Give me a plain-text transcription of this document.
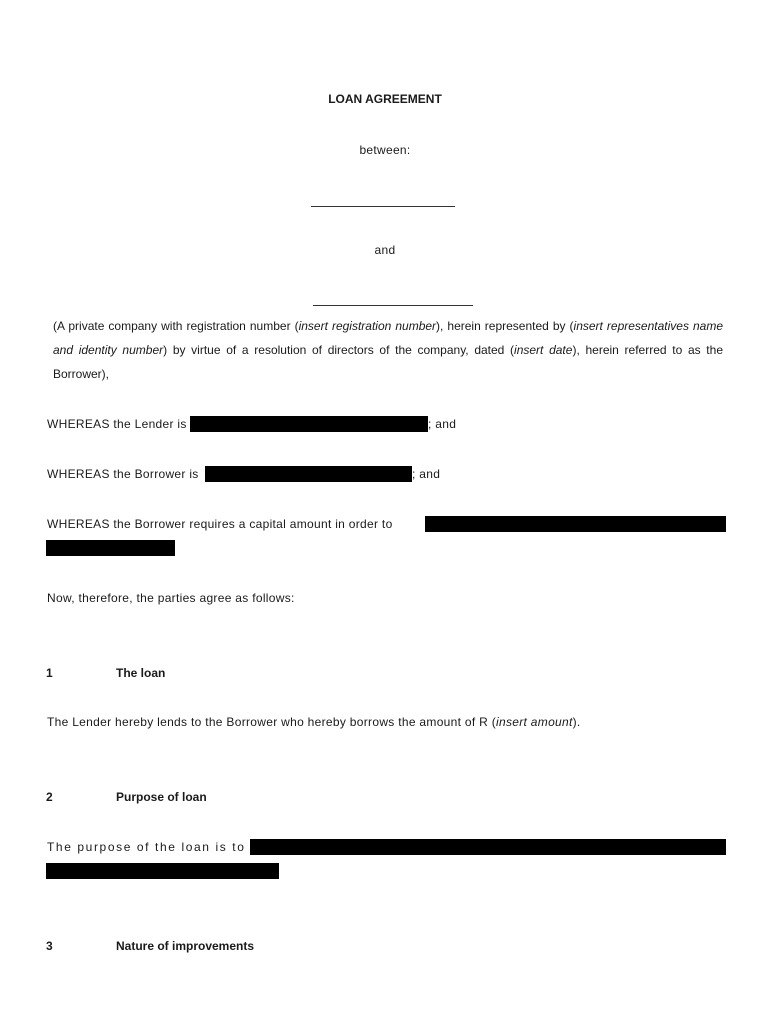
LOAN AGREEMENT
between:
and
(A private company with registration number (insert registration number), herein represented by (insert representatives name and identity number) by virtue of a resolution of directors of the company, dated (insert date), herein referred to as the Borrower),
WHEREAS the Lender is	; and
WHEREAS the Borrower is	; and
WHEREAS the Borrower requires a capital amount in order to
Now, therefore, the parties agree as follows:
1	The loan
The Lender hereby lends to the Borrower who hereby borrows the amount of R (insert amount).
2	Purpose of loan
The purpose of the loan is to
3	Nature of improvements
